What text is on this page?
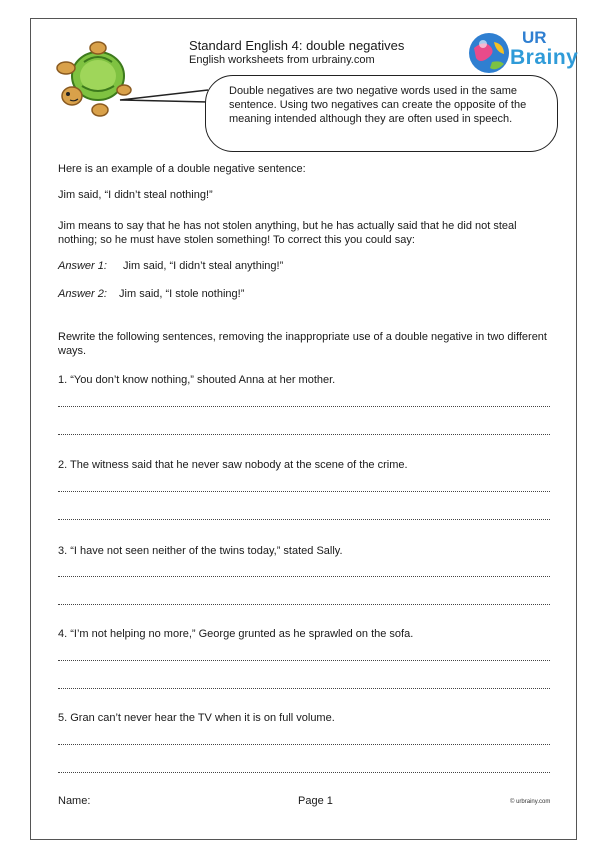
Standard English 4: double negatives
English worksheets from urbrainy.com
UR
Brainy
Double negatives are two negative words used in the same sentence. Using two negatives can create the opposite of the meaning intended although they are often used in speech.
Here is an example of a double negative sentence:
Jim said, “I didn’t steal nothing!”
Jim means to say that he has not stolen anything, but he has actually said that he did not steal nothing; so he must have stolen something! To correct this you could say:
Answer 1: Jim said, “I didn’t steal anything!”
Answer 2: Jim said, “I stole nothing!”
Rewrite the following sentences, removing the inappropriate use of a double negative in two different ways.
1. “You don’t know nothing,” shouted Anna at her mother.
2. The witness said that he never saw nobody at the scene of the crime.
3. “I have not seen neither of the twins today,” stated Sally.
4. “I’m not helping no more,” George grunted as he sprawled on the sofa.
5. Gran can’t never hear the TV when it is on full volume.
Name:	Page 1	© urbrainy.com
